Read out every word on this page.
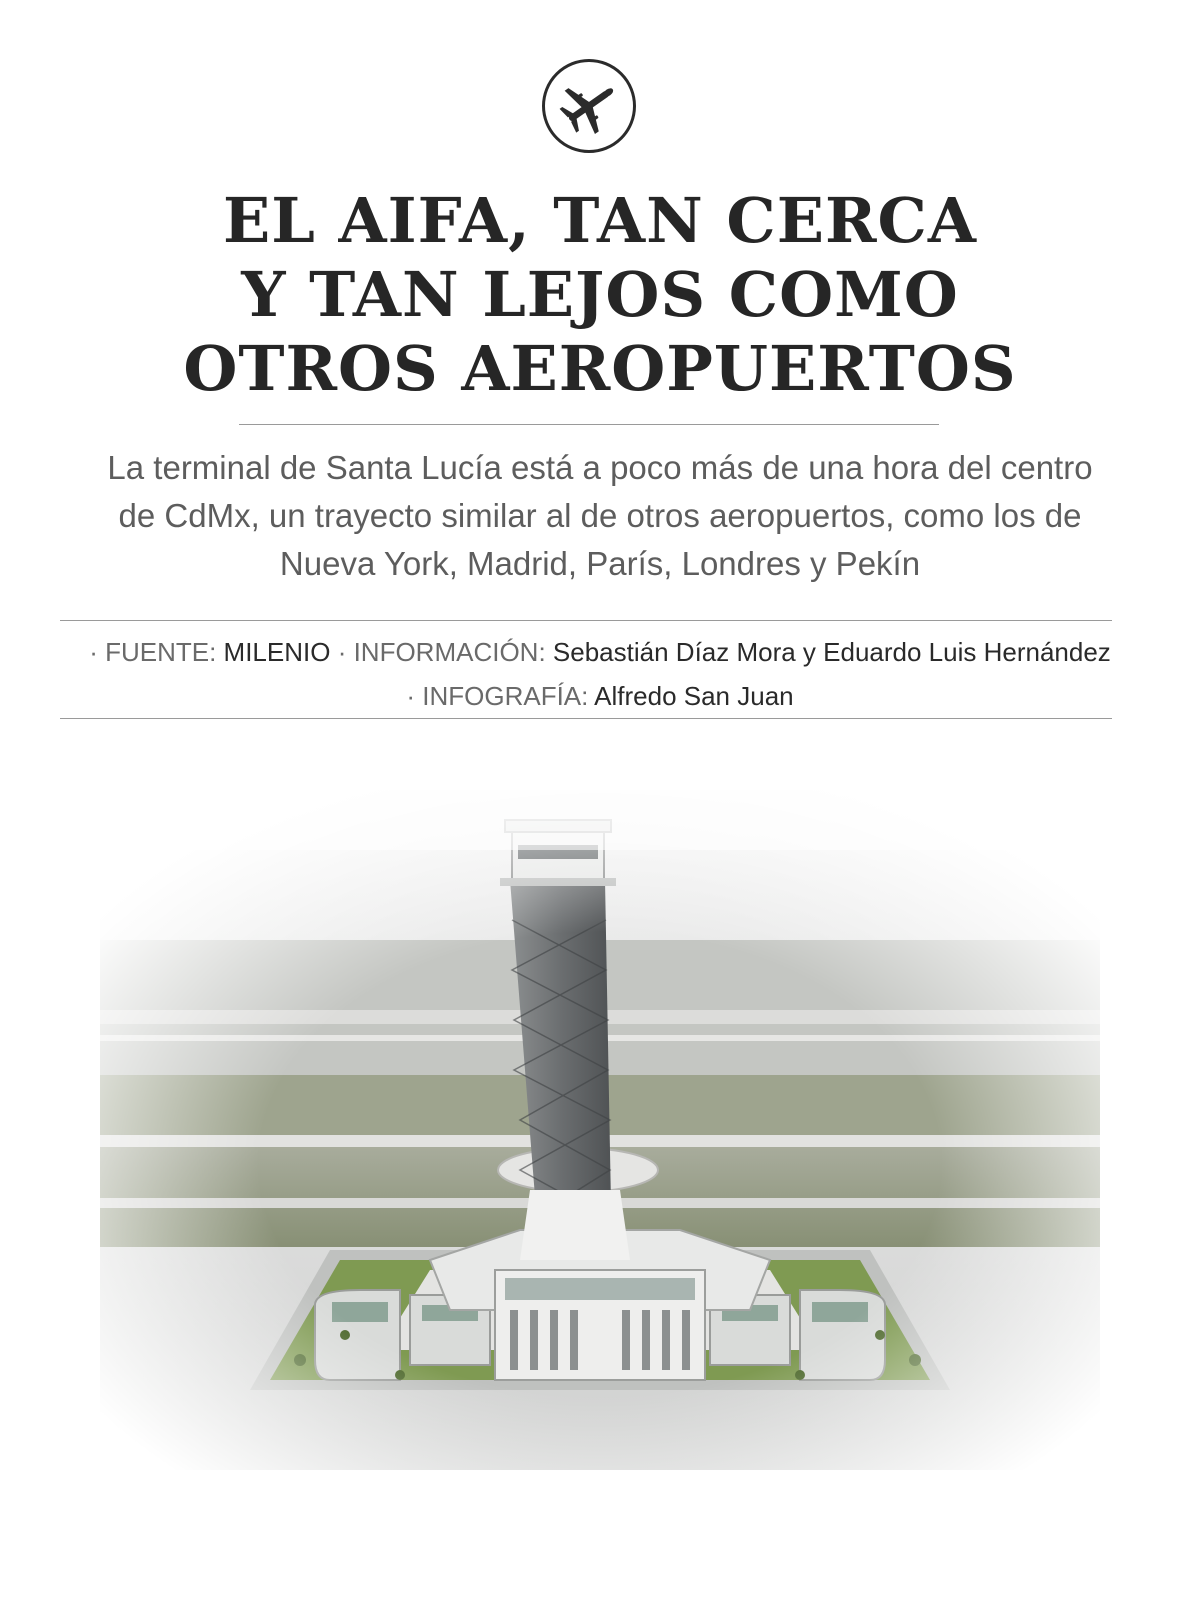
EL AIFA, TAN CERCA
Y TAN LEJOS COMO
OTROS AEROPUERTOS

La terminal de Santa Lucía está a poco más de una hora del centro
de CdMx, un trayecto similar al de otros aeropuertos, como los de
Nueva York, Madrid, París, Londres y Pekín

· FUENTE: MILENIO · INFORMACIÓN: Sebastián Díaz Mora y Eduardo Luis Hernández
· INFOGRAFÍA: Alfredo San Juan
